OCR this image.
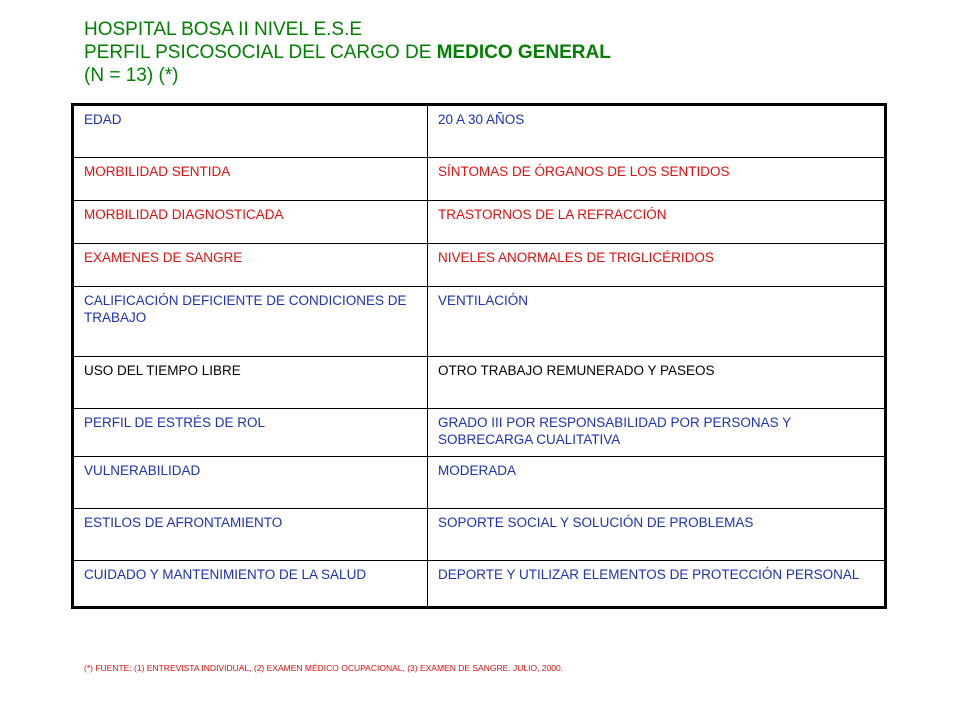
HOSPITAL BOSA II NIVEL E.S.E
PERFIL PSICOSOCIAL DEL CARGO DE MEDICO GENERAL
(N = 13) (*)
EDAD	20 A 30 AÑOS
MORBILIDAD SENTIDA	SÍNTOMAS DE ÓRGANOS DE LOS SENTIDOS
MORBILIDAD DIAGNOSTICADA	TRASTORNOS DE LA REFRACCIÓN
EXAMENES DE SANGRE	NIVELES ANORMALES DE TRIGLICÉRIDOS
CALIFICACIÓN DEFICIENTE DE CONDICIONES DE TRABAJO	VENTILACIÓN
USO DEL TIEMPO LIBRE	OTRO TRABAJO REMUNERADO Y PASEOS
PERFIL DE ESTRÉS DE ROL	GRADO III POR RESPONSABILIDAD POR PERSONAS Y SOBRECARGA CUALITATIVA
VULNERABILIDAD	MODERADA
ESTILOS DE AFRONTAMIENTO	SOPORTE SOCIAL Y SOLUCIÓN DE PROBLEMAS
CUIDADO Y MANTENIMIENTO DE LA SALUD	DEPORTE Y UTILIZAR ELEMENTOS DE PROTECCIÓN PERSONAL
(*) FUENTE: (1) ENTREVISTA INDIVIDUAL, (2) EXAMEN MÉDICO OCUPACIONAL, (3) EXAMEN DE SANGRE. JULIO, 2000.
